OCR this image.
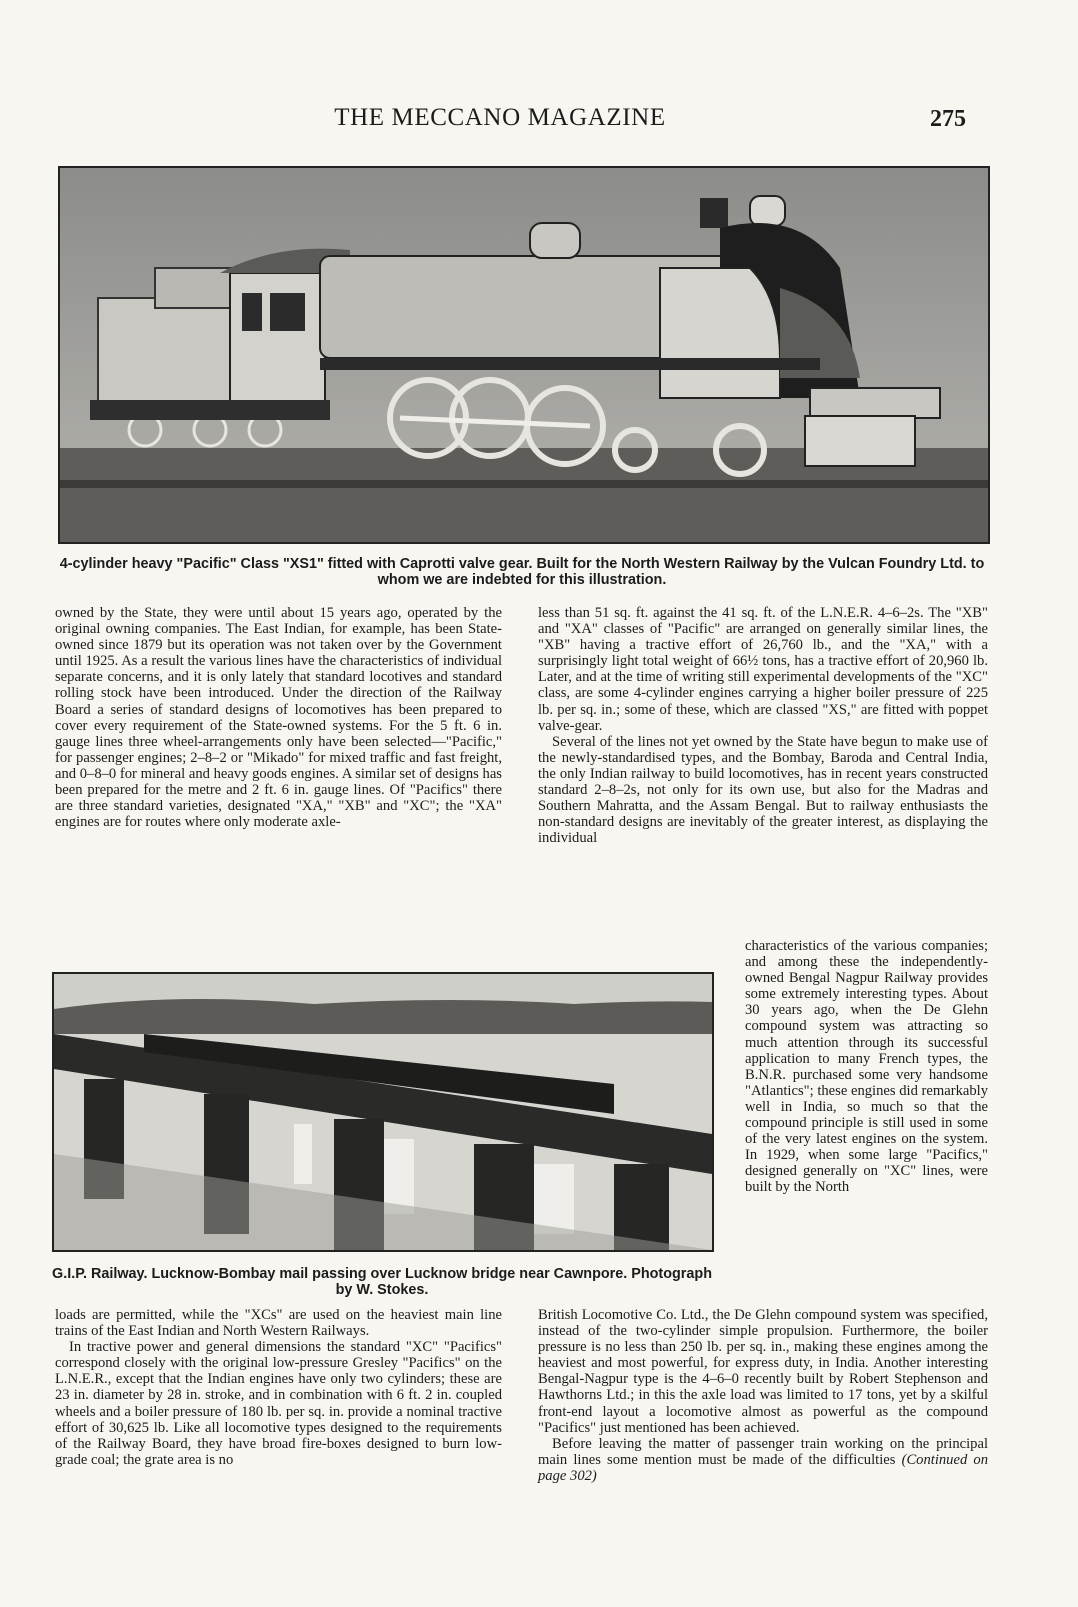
THE MECCANO MAGAZINE	275
4-cylinder heavy "Pacific" Class "XS1" fitted with Caprotti valve gear. Built for the North Western Railway by the Vulcan Foundry Ltd. to whom we are indebted for this illustration.

owned by the State, they were until about 15 years ago, operated by the original owning companies. The East Indian, for example, has been State-owned since 1879 but its operation was not taken over by the Government until 1925. As a result the various lines have the characteristics of individual separate concerns, and it is only lately that standard locotives and standard rolling stock have been introduced. Under the direction of the Railway Board a series of standard designs of locomotives has been prepared to cover every requirement of the State-owned systems. For the 5 ft. 6 in. gauge lines three wheel-arrangements only have been selected—"Pacific," for passenger engines; 2–8–2 or "Mikado" for mixed traffic and fast freight, and 0–8–0 for mineral and heavy goods engines. A similar set of designs has been prepared for the metre and 2 ft. 6 in. gauge lines. Of "Pacifics" there are three standard varieties, designated "XA," "XB" and "XC"; the "XA" engines are for routes where only moderate axle-

less than 51 sq. ft. against the 41 sq. ft. of the L.N.E.R. 4–6–2s. The "XB" and "XA" classes of "Pacific" are arranged on generally similar lines, the "XB" having a tractive effort of 26,760 lb., and the "XA," with a surprisingly light total weight of 66½ tons, has a tractive effort of 20,960 lb. Later, and at the time of writing still experimental developments of the "XC" class, are some 4-cylinder engines carrying a higher boiler pressure of 225 lb. per sq. in.; some of these, which are classed "XS," are fitted with poppet valve-gear.

Several of the lines not yet owned by the State have begun to make use of the newly-standardised types, and the Bombay, Baroda and Central India, the only Indian railway to build locomotives, has in recent years constructed standard 2–8–2s, not only for its own use, but also for the Madras and Southern Mahratta, and the Assam Bengal. But to railway enthusiasts the non-standard designs are inevitably of the greater interest, as displaying the individual

G.I.P. Railway. Lucknow-Bombay mail passing over Lucknow bridge near Cawnpore. Photograph by W. Stokes.

characteristics of the various companies; and among these the independently-owned Bengal Nagpur Railway provides some extremely interesting types. About 30 years ago, when the De Glehn compound system was attracting so much attention through its successful application to many French types, the B.N.R. purchased some very handsome "Atlantics"; these engines did remarkably well in India, so much so that the compound principle is still used in some of the very latest engines on the system. In 1929, when some large "Pacifics," designed generally on "XC" lines, were built by the North

loads are permitted, while the "XCs" are used on the heaviest main line trains of the East Indian and North Western Railways.

In tractive power and general dimensions the standard "XC" "Pacifics" correspond closely with the original low-pressure Gresley "Pacifics" on the L.N.E.R., except that the Indian engines have only two cylinders; these are 23 in. diameter by 28 in. stroke, and in combination with 6 ft. 2 in. coupled wheels and a boiler pressure of 180 lb. per sq. in. provide a nominal tractive effort of 30,625 lb. Like all locomotive types designed to the requirements of the Railway Board, they have broad fire-boxes designed to burn low-grade coal; the grate area is no

British Locomotive Co. Ltd., the De Glehn compound system was specified, instead of the two-cylinder simple propulsion. Furthermore, the boiler pressure is no less than 250 lb. per sq. in., making these engines among the heaviest and most powerful, for express duty, in India. Another interesting Bengal-Nagpur type is the 4–6–0 recently built by Robert Stephenson and Hawthorns Ltd.; in this the axle load was limited to 17 tons, yet by a skilful front-end layout a locomotive almost as powerful as the compound "Pacifics" just mentioned has been achieved.

Before leaving the matter of passenger train working on the principal main lines some mention must be made of the difficulties (Continued on page 302)
